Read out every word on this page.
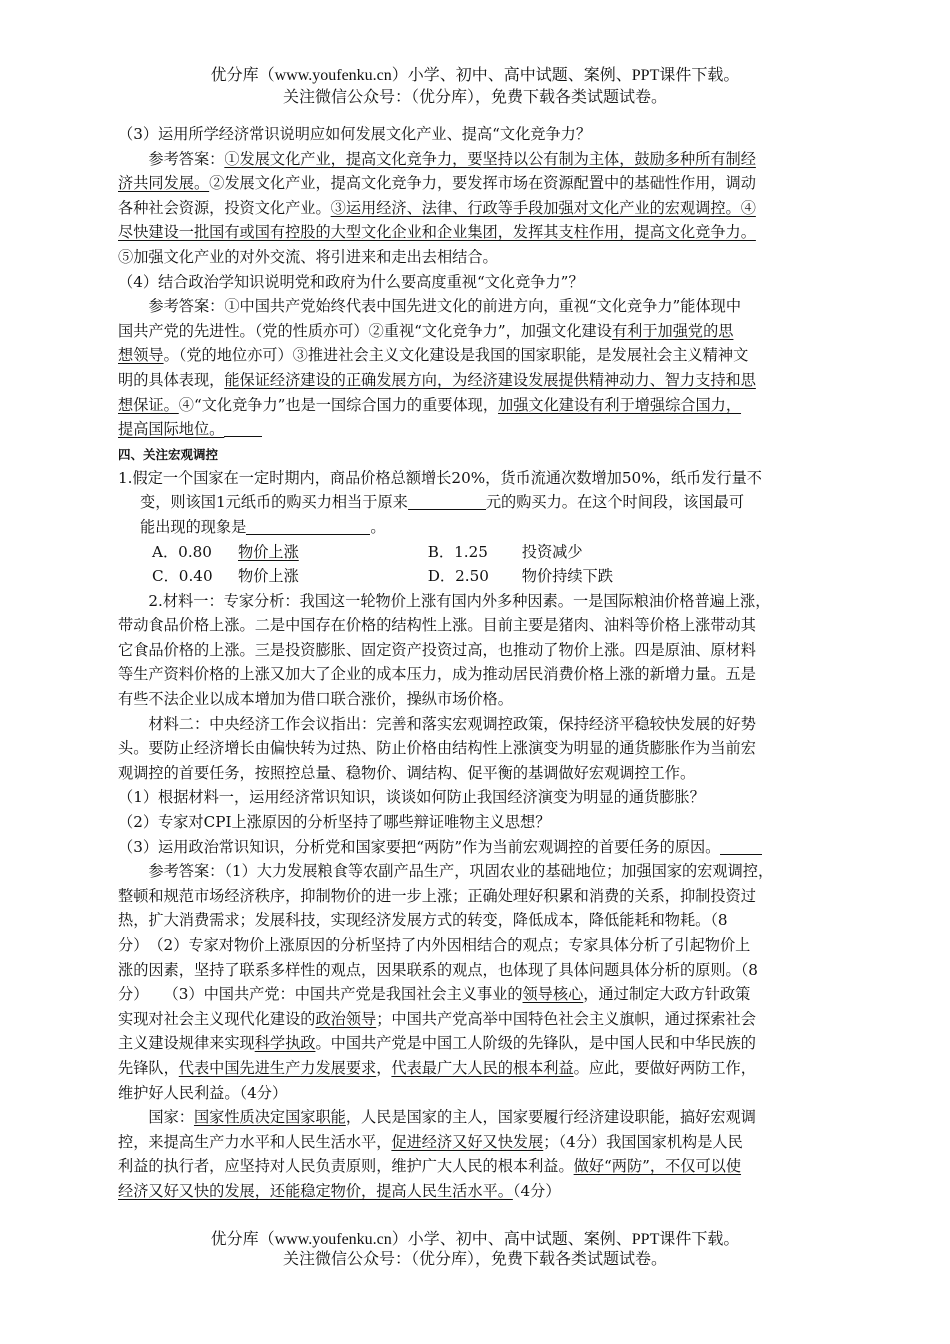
优分库（www.youfenku.cn）小学、初中、高中试题、案例、PPT课件下载。
关注微信公众号：（优分库），免费下载各类试题试卷。

（3）运用所学经济常识说明应如何发展文化产业、提高“文化竞争力？

参考答案：①发展文化产业，提高文化竞争力，要坚持以公有制为主体，鼓励多种所有制经

济共同发展。②发展文化产业，提高文化竞争力，要发挥市场在资源配置中的基础性作用，调动

各种社会资源，投资文化产业。③运用经济、法律、行政等手段加强对文化产业的宏观调控。④

尽快建设一批国有或国有控股的大型文化企业和企业集团，发挥其支柱作用，提高文化竞争力。

⑤加强文化产业的对外交流、将引进来和走出去相结合。

（4）结合政治学知识说明党和政府为什么要高度重视“文化竞争力”？

参考答案：①中国共产党始终代表中国先进文化的前进方向，重视“文化竞争力”能体现中

国共产党的先进性。（党的性质亦可）②重视“文化竞争力”，加强文化建设有利于加强党的思

想领导。（党的地位亦可）③推进社会主义文化建设是我国的国家职能，是发展社会主义精神文

明的具体表现，能保证经济建设的正确发展方向，为经济建设发展提供精神动力、智力支持和思

想保证。④“文化竞争力”也是一国综合国力的重要体现，加强文化建设有利于增强综合国力，

提高国际地位。

四、关注宏观调控

1.假定一个国家在一定时期内，商品价格总额增长20%，货币流通次数增加50%，纸币发行量不

变，则该国1元纸币的购买力相当于原来	元的购买力。在这个时间段，该国最可

能出现的现象是	。

A．0.80 物价上涨	B．1.25 投资减少

C．0.40 物价上涨	D．2.50 物价持续下跌

2.材料一：专家分析：我国这一轮物价上涨有国内外多种因素。一是国际粮油价格普遍上涨，

带动食品价格上涨。二是中国存在价格的结构性上涨。目前主要是猪肉、油料等价格上涨带动其

它食品价格的上涨。三是投资膨胀、固定资产投资过高，也推动了物价上涨。四是原油、原材料

等生产资料价格的上涨又加大了企业的成本压力，成为推动居民消费价格上涨的新增力量。五是

有些不法企业以成本增加为借口联合涨价，操纵市场价格。

材料二：中央经济工作会议指出：完善和落实宏观调控政策，保持经济平稳较快发展的好势

头。要防止经济增长由偏快转为过热、防止价格由结构性上涨演变为明显的通货膨胀作为当前宏

观调控的首要任务，按照控总量、稳物价、调结构、促平衡的基调做好宏观调控工作。

（1）根据材料一，运用经济常识知识，谈谈如何防止我国经济演变为明显的通货膨胀？

（2）专家对CPI上涨原因的分析坚持了哪些辩证唯物主义思想？

（3）运用政治常识知识，分析党和国家要把“两防”作为当前宏观调控的首要任务的原因。

参考答案：（1）大力发展粮食等农副产品生产，巩固农业的基础地位；加强国家的宏观调控，

整顿和规范市场经济秩序，抑制物价的进一步上涨；正确处理好积累和消费的关系，抑制投资过

热，扩大消费需求；发展科技，实现经济发展方式的转变，降低成本，降低能耗和物耗。（8

分）　（2）专家对物价上涨原因的分析坚持了内外因相结合的观点；专家具体分析了引起物价上

涨的因素，坚持了联系多样性的观点，因果联系的观点，也体现了具体问题具体分析的原则。（8

分）　　（3）中国共产党：中国共产党是我国社会主义事业的领导核心，通过制定大政方针政策

实现对社会主义现代化建设的政治领导；中国共产党高举中国特色社会主义旗帜，通过探索社会

主义建设规律来实现科学执政。中国共产党是中国工人阶级的先锋队，是中国人民和中华民族的

先锋队，代表中国先进生产力发展要求，代表最广大人民的根本利益。应此，要做好两防工作，

维护好人民利益。（4分）

国家：国家性质决定国家职能，人民是国家的主人，国家要履行经济建设职能，搞好宏观调

控，来提高生产力水平和人民生活水平，促进经济又好又快发展；（4分）我国国家机构是人民

利益的执行者，应坚持对人民负责原则，维护广大人民的根本利益。做好“两防”，不仅可以使

经济又好又快的发展，还能稳定物价，提高人民生活水平。（4分）

优分库（www.youfenku.cn）小学、初中、高中试题、案例、PPT课件下载。
关注微信公众号：（优分库），免费下载各类试题试卷。
